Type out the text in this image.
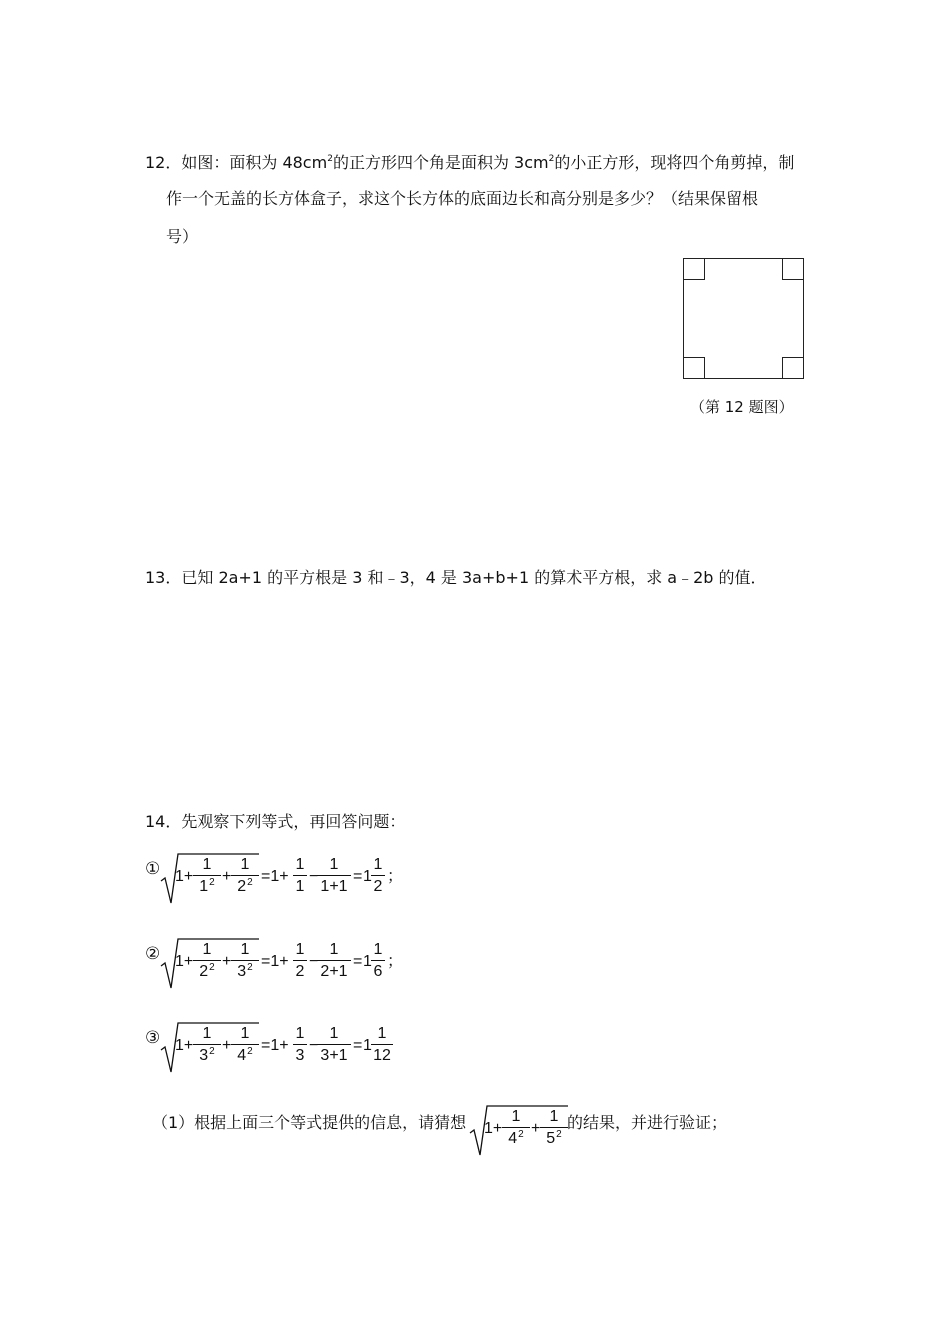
12．如图：面积为 $48cm^2$的正方形四个角是面积为 $3cm^2$的小正方形，现将四个角剪掉，制
作一个无盖的长方体盒子，求这个长方体的底面边长和高分别是多少？（结果保留根
号）
（第 12 题图）
13．已知 2a+1 的平方根是 3 和﹣3，4 是 3a+b+1 的算术平方根，求 a﹣2b 的值．
14．先观察下列等式，再回答问题：
① 1+
1
$1^2$ +
1
$2^2 =1+$
1
1
−
1
1+1
= 1
1
2
；
② 1+
1
$2^2$ +
1
$3^2 =1+$
1
2
−
1
2+1
= 1
1
6
；
③ 1+
1
$3^2$ +
1
$4^2 =1+$
1
3
−
1
3+1
= 1
1
12
（1）根据上面三个等式提供的信息，请猜想 1+
1
$4^2$ +
1
$5^2$
的结果，并进行验证；
